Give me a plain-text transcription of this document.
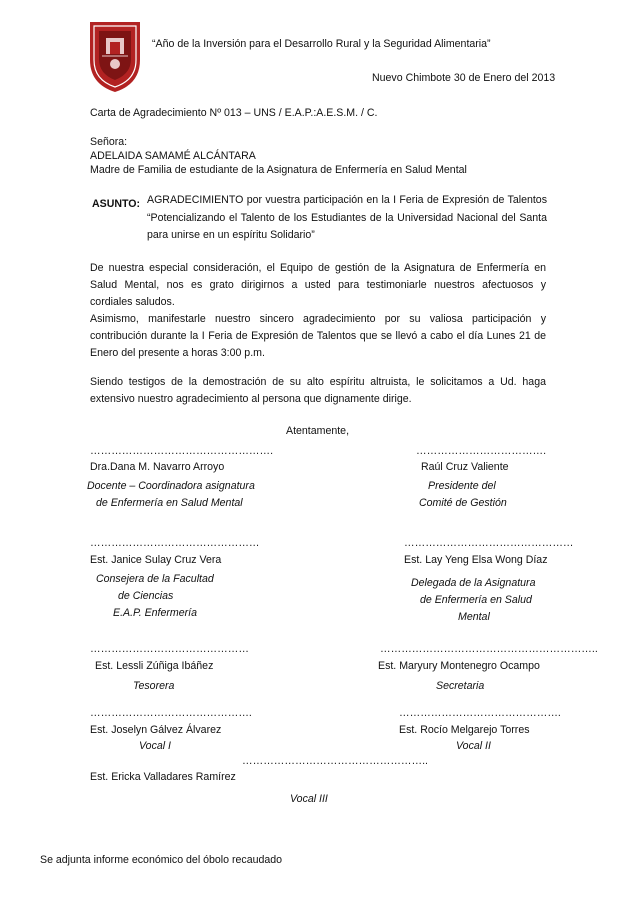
“Año de la Inversión para el Desarrollo Rural y la Seguridad Alimentaria”
Nuevo Chimbote 30 de Enero del 2013
Carta de Agradecimiento Nº 013 – UNS / E.A.P.:A.E.S.M. / C.
Señora:
ADELAIDA SAMAMÉ ALCÁNTARA
Madre de Familia de estudiante de la Asignatura de Enfermería en Salud Mental
ASUNTO: AGRADECIMIENTO por vuestra participación en la I Feria de Expresión de Talentos
“Potencializando el Talento de los Estudiantes de la Universidad Nacional del Santa
para unirse en un espíritu Solidario”
De nuestra especial consideración, el Equipo de gestión de la Asignatura de Enfermería en
Salud Mental, nos es grato dirigirnos a usted para testimoniarle nuestros afectuosos y
cordiales saludos.
Asimismo, manifestarle nuestro sincero agradecimiento por su valiosa participación y
contribución durante la I Feria de Expresión de Talentos que se llevó a cabo el día Lunes 21 de
Enero del presente a horas 3:00 p.m.
Siendo testigos de la demostración de su alto espíritu altruista, le solicitamos a Ud. haga
extensivo nuestro agradecimiento al persona que dignamente dirige.
Atentamente,
…………………………………………….
Dra.Dana M. Navarro Arroyo
Docente – Coordinadora asignatura
de Enfermería en Salud Mental
……………………………….
Raúl Cruz Valiente
Presidente del
Comité de Gestión
…………………………………………
Est. Janice Sulay Cruz Vera
Consejera de la Facultad
de Ciencias
E.A.P. Enfermería
…………………………………………
Est. Lay Yeng Elsa Wong Díaz
Delegada de la Asignatura
de Enfermería en Salud
Mental
………………………………………
Est. Lessli Zúñiga Ibáñez
Tesorera
……………………………………………………..
Est. Maryury Montenegro Ocampo
Secretaria
……………………………………….
Est. Joselyn Gálvez Álvarez
Vocal I
……………………………………….
Est. Rocío Melgarejo Torres
Vocal II
……………………………………………..
Est. Ericka Valladares Ramírez
Vocal III
Se adjunta informe económico del óbolo recaudado
